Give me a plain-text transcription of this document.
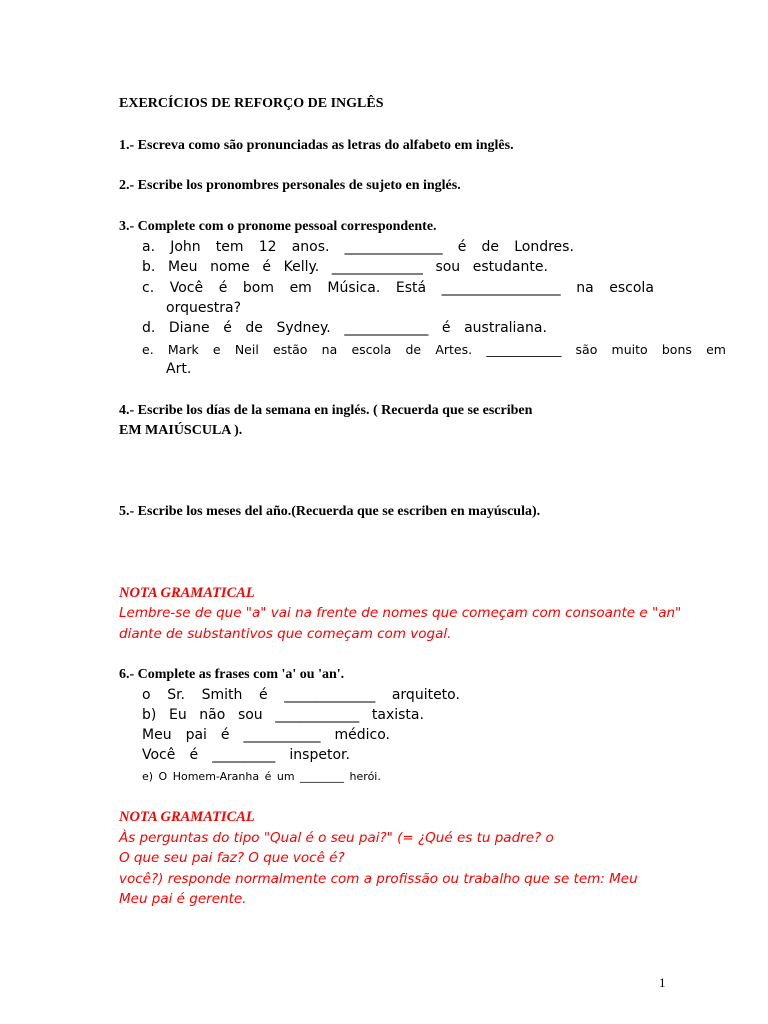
EXERCÍCIOS DE REFORÇO DE INGLÊS
1.- Escreva como são pronunciadas as letras do alfabeto em inglês.
2.- Escribe los pronombres personales de sujeto en inglés.
3.- Complete com o pronome pessoal correspondente.
a. John tem 12 anos. ______________ é de Londres.
b. Meu nome é Kelly. _____________ sou estudante.
c. Você é bom em Música. Está _________________ na escola
orquestra?
d. Diane é de Sydney. ____________ é australiana.
e. Mark e Neil estão na escola de Artes. ____________ são muito bons em
Art.
4.- Escribe los días de la semana en inglés. ( Recuerda que se escriben
EM MAIÚSCULA ).
5.- Escribe los meses del año.(Recuerda que se escriben en mayúscula).
NOTA GRAMATICAL
Lembre-se de que "a" vai na frente de nomes que começam com consoante e "an"
diante de substantivos que começam com vogal.
6.- Complete as frases com 'a' ou 'an'.
o Sr. Smith é _____________ arquiteto.
b) Eu não sou ____________ taxista.
Meu pai é ___________ médico.
Você é _________ inspetor.
e) O Homem-Aranha é um ________ herói.
NOTA GRAMATICAL
Às perguntas do tipo "Qual é o seu pai?" (= ¿Qué es tu padre? o
O que seu pai faz? O que você é?
você?) responde normalmente com a profissão ou trabalho que se tem: Meu
Meu pai é gerente.
1
